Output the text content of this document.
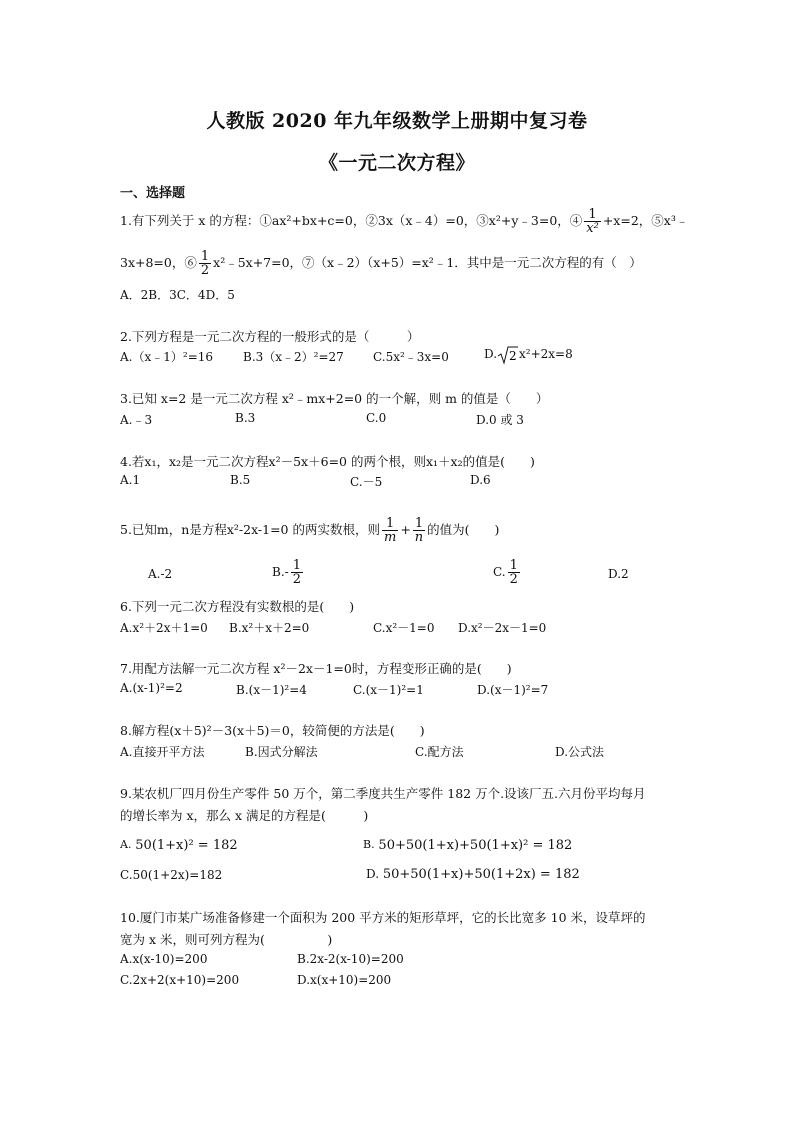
人教版 2020 年九年级数学上册期中复习卷
《一元二次方程》
一、选择题
1.有下列关于 x 的方程：①ax²+bx+c=0，②3x（x﹣4）=0，③x²+y﹣3=0，④ $\frac{1}{\text{x²}} +x=2$，⑤x³﹣
3x+8=0，⑥ $\frac{1}{2}$ x²﹣5x+7=0，⑦（x﹣2）（x+5）=x²﹣1．其中是一元二次方程的有（　）
A．2B．3C．4D．5
2.下列方程是一元二次方程的一般形式的是（　　　）
A.（x﹣1）²=16 B.3（x﹣2）²=27 C.5x²﹣3x=0	D. 2 x²+2x=8
3.已知 x=2 是一元二次方程 x²﹣mx+2=0 的一个解，则 m 的值是（　　）
A.﹣3	B.3	C.0	D.0 或 3
4.若x₁，x₂是一元二次方程x²－5x＋6=0 的两个根，则x₁＋x₂的值是(　　)
A.1	B.5	C.－5	D.6
5.已知m，n是方程x²-2x-1=0 的两实数根，则 $\frac{1}{m} + \frac{1}{n}$ 的值为(　　)
A.-2	$B.- \frac{1}{2}$	C. $\frac{1}{2}$	D.2
6.下列一元二次方程没有实数根的是(　　)
A.x²＋2x＋1=0 B.x²＋x＋2=0	C.x²－1=0 D.x²－2x－1=0
7.用配方法解一元二次方程 x²－2x－1=0时，方程变形正确的是(　　)
A.(x-1)²=2	B.(x－1)²=4	C.(x－1)²=1	D.(x－1)²=7
8.解方程(x＋5)²－3(x＋5)＝0，较简便的方法是(　　)
A.直接开平方法	B.因式分解法	C.配方法	D.公式法
9.某农机厂四月份生产零件 50 万个，第二季度共生产零件 182 万个.设该厂五.六月份平均每月
的增长率为 x，那么 x 满足的方程是(　　　)
A. 50(1+x)² = 182	B. 50+50(1+x)+50(1+x)² = 182
C.50(1+2x)=182	D. 50+50(1+x)+50(1+2x) = 182
10.厦门市某广场准备修建一个面积为 200 平方米的矩形草坪，它的长比宽多 10 米，设草坪的
宽为 x 米，则可列方程为(　　　　　)
A.x(x-10)=200	B.2x-2(x-10)=200
C.2x+2(x+10)=200	D.x(x+10)=200
